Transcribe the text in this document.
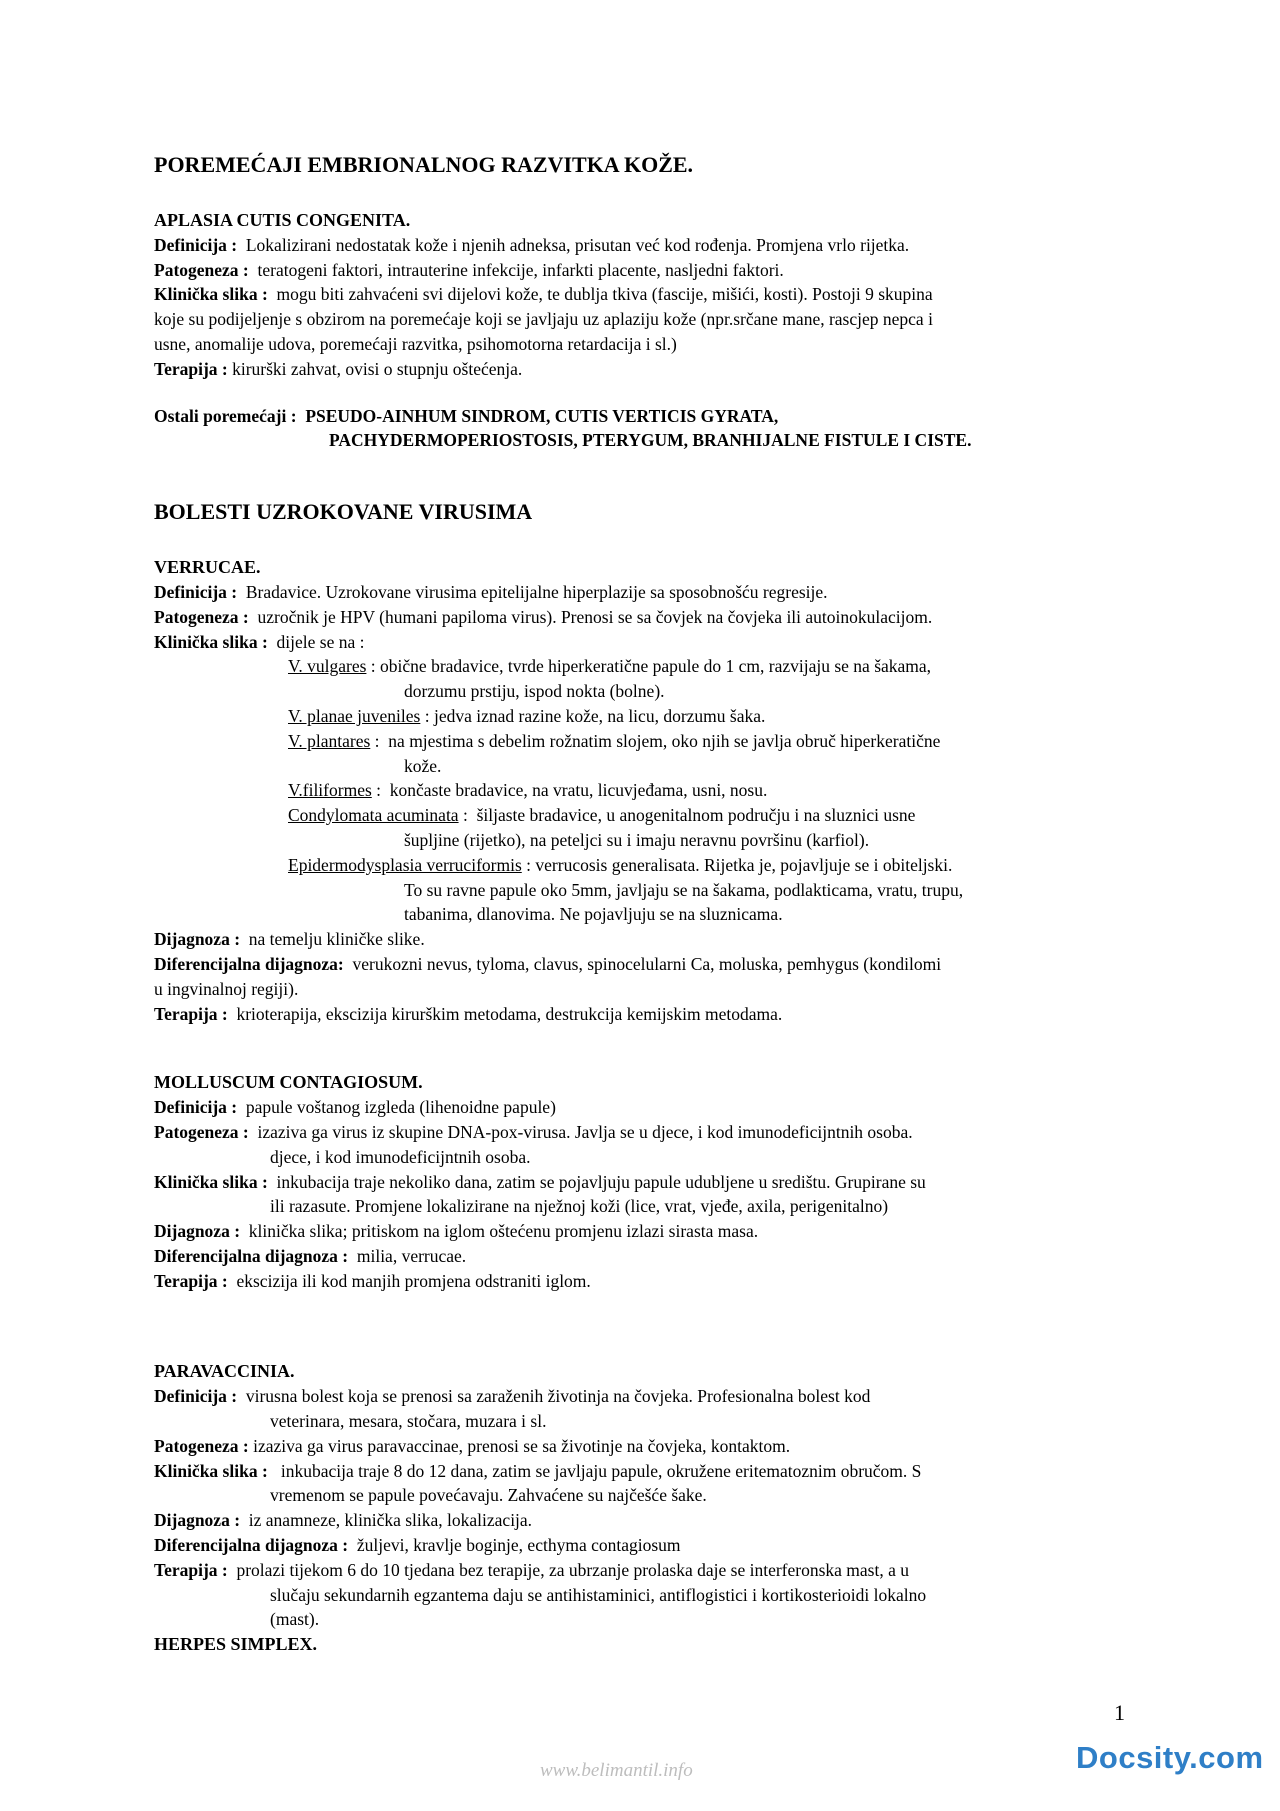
POREMEĆAJI EMBRIONALNOG RAZVITKA KOŽE.

APLASIA CUTIS CONGENITA.

Definicija : Lokalizirani nedostatak kože i njenih adneksa, prisutan već kod rođenja. Promjena vrlo rijetka.

Patogeneza : teratogeni faktori, intrauterine infekcije, infarkti placente, nasljedni faktori.

Klinička slika : mogu biti zahvaćeni svi dijelovi kože, te dublja tkiva (fascije, mišići, kosti). Postoji 9 skupina

koje su podijeljenje s obzirom na poremećaje koji se javljaju uz aplaziju kože (npr.srčane mane, rascjep nepca i

usne, anomalije udova, poremećaji razvitka, psihomotorna retardacija i sl.)

Terapija : kirurški zahvat, ovisi o stupnju oštećenja.

Ostali poremećaji : PSEUDO-AINHUM SINDROM, CUTIS VERTICIS GYRATA,

PACHYDERMOPERIOSTOSIS, PTERYGUM, BRANHIJALNE FISTULE I CISTE.

BOLESTI UZROKOVANE VIRUSIMA

VERRUCAE.

Definicija : Bradavice. Uzrokovane virusima epitelijalne hiperplazije sa sposobnošću regresije.

Patogeneza : uzročnik je HPV (humani papiloma virus). Prenosi se sa čovjek na čovjeka ili autoinokulacijom.

Klinička slika : dijele se na :

V. vulgares : obične bradavice, tvrde hiperkeratične papule do 1 cm, razvijaju se na šakama,

dorzumu prstiju, ispod nokta (bolne).

V. planae juveniles : jedva iznad razine kože, na licu, dorzumu šaka.

V. plantares :  na mjestima s debelim rožnatim slojem, oko njih se javlja obruč hiperkeratične

kože.

V.filiformes :  končaste bradavice, na vratu, licuvjeđama, usni, nosu.

Condylomata acuminata :  šiljaste bradavice, u anogenitalnom području i na sluznici usne

šupljine (rijetko), na peteljci su i imaju neravnu površinu (karfiol).

Epidermodysplasia verruciformis : verrucosis generalisata. Rijetka je, pojavljuje se i obiteljski.

To su ravne papule oko 5mm, javljaju se na šakama, podlakticama, vratu, trupu,

tabanima, dlanovima. Ne pojavljuju se na sluznicama.

Dijagnoza : na temelju kliničke slike.

Diferencijalna dijagnoza: verukozni nevus, tyloma, clavus, spinocelularni Ca, moluska, pemhygus (kondilomi

u ingvinalnoj regiji).

Terapija : krioterapija, ekscizija kirurškim metodama, destrukcija kemijskim metodama.

MOLLUSCUM CONTAGIOSUM.

Definicija : papule voštanog izgleda (lihenoidne papule)

Patogeneza : izaziva ga virus iz skupine DNA-pox-virusa. Javlja se u djece, i kod imunodeficijntnih osoba.

djece, i kod imunodeficijntnih osoba.

Klinička slika : inkubacija traje nekoliko dana, zatim se pojavljuju papule udubljene u središtu. Grupirane su

ili razasute. Promjene lokalizirane na nježnoj koži (lice, vrat, vjeđe, axila, perigenitalno)

Dijagnoza : klinička slika; pritiskom na iglom oštećenu promjenu izlazi sirasta masa.

Diferencijalna dijagnoza : milia, verrucae.

Terapija : ekscizija ili kod manjih promjena odstraniti iglom.

PARAVACCINIA.

Definicija : virusna bolest koja se prenosi sa zaraženih životinja na čovjeka. Profesionalna bolest kod

veterinara, mesara, stočara, muzara i sl.

Patogeneza : izaziva ga virus paravaccinae, prenosi se sa životinje na čovjeka, kontaktom.

Klinička slika : inkubacija traje 8 do 12 dana, zatim se javljaju papule, okružene eritematoznim obručom. S

vremenom se papule povećavaju. Zahvaćene su najčešće šake.

Dijagnoza : iz anamneze, klinička slika, lokalizacija.

Diferencijalna dijagnoza : žuljevi, kravlje boginje, ecthyma contagiosum

Terapija : prolazi tijekom 6 do 10 tjedana bez terapije, za ubrzanje prolaska daje se interferonska mast, a u

slučaju sekundarnih egzantema daju se antihistaminici, antiflogistici i kortikosterioidi lokalno

(mast).

HERPES SIMPLEX.

1
www.belimantil.info	Docsity.com
